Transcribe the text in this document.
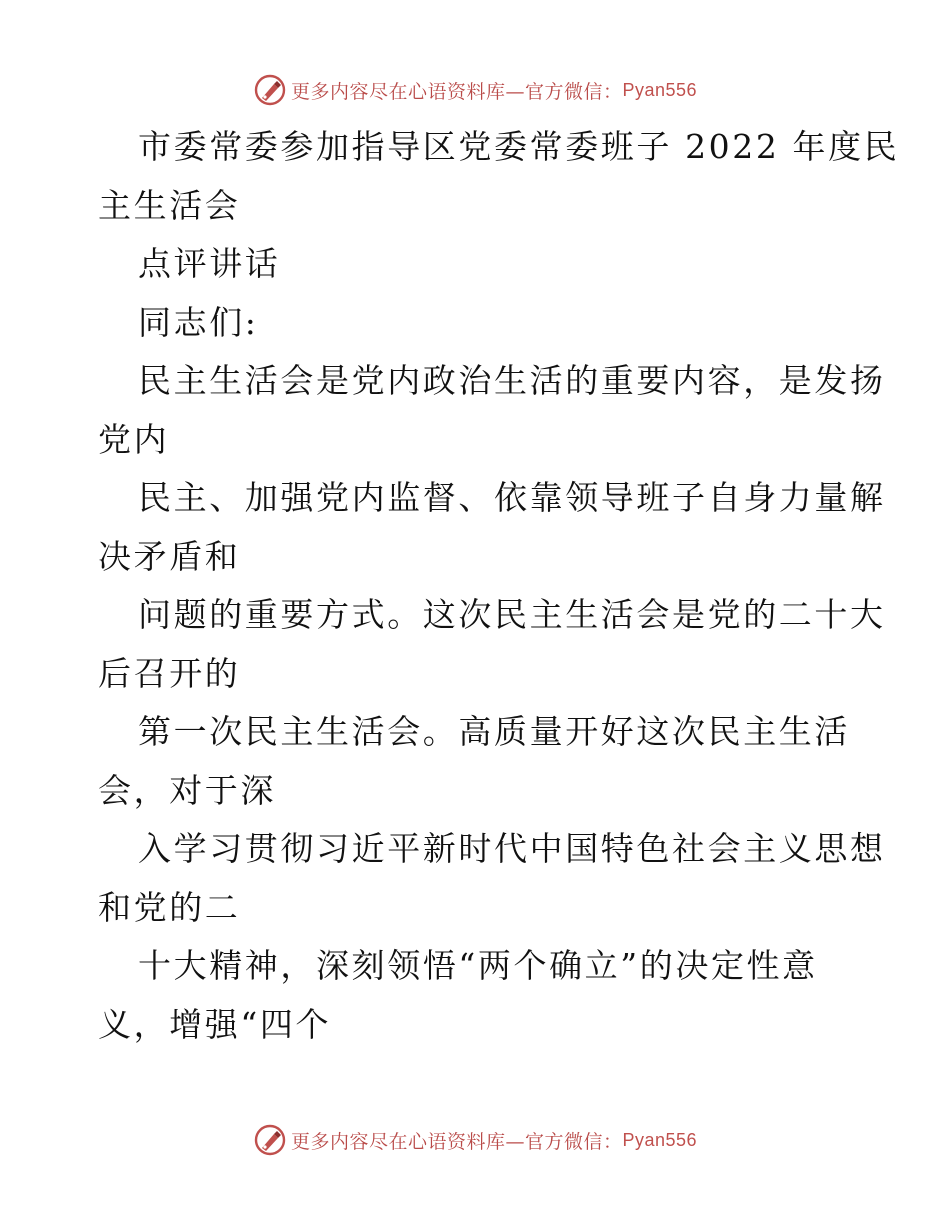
更多内容尽在心语资料库—官方微信： Pyan556
市委常委参加指导区党委常委班子 2022 年度民
主生活会
点评讲话
同志们:
民主生活会是党内政治生活的重要内容，是发扬
党内
民主、加强党内监督、依靠领导班子自身力量解
决矛盾和
问题的重要方式。这次民主生活会是党的二十大
后召开的
第一次民主生活会。高质量开好这次民主生活
会，对于深
入学习贯彻习近平新时代中国特色社会主义思想
和党的二
十大精神，深刻领悟“两个确立”的决定性意
义，增强“四个
更多内容尽在心语资料库—官方微信： Pyan556
